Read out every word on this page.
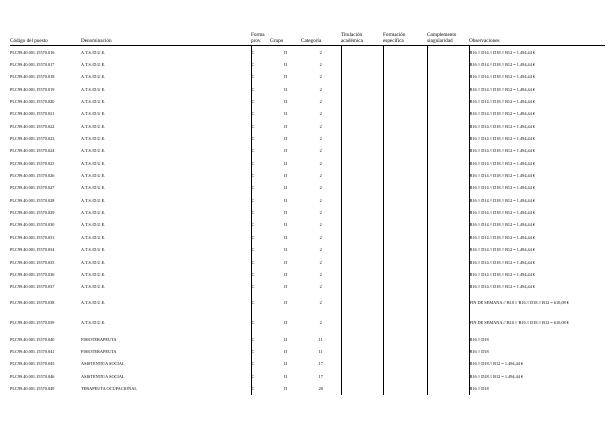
Código del puesto	Denominación	Forma prov.	Grupo	Categoría	Titulación académica	Formación específica	Complemento singularidad	Observaciones
PLC99.40.001.15570.016	A.T.S./D.U.E.	C	II	2				B16 // D14 // D18 // B12 = 1.494,44 €
PLC99.40.001.15570.017	A.T.S./D.U.E.	C	II	2				B16 // D14 // D18 // B12 = 1.494,44 €
PLC99.40.001.15570.018	A.T.S./D.U.E.	C	II	2				B16 // D14 // D18 // B12 = 1.494,44 €
PLC99.40.001.15570.019	A.T.S./D.U.E.	C	II	2				B16 // D14 // D18 // B12 = 1.494,44 €
PLC99.40.001.15570.020	A.T.S./D.U.E.	C	II	2				B16 // D14 // D18 // B12 = 1.494,44 €
PLC99.40.001.15570.021	A.T.S./D.U.E.	C	II	2				B16 // D14 // D18 // B12 = 1.494,44 €
PLC99.40.001.15570.022	A.T.S./D.U.E.	C	II	2				B16 // D14 // D18 // B12 = 1.494,44 €
PLC99.40.001.15570.023	A.T.S./D.U.E.	C	II	2				B16 // D14 // D18 // B12 = 1.494,44 €
PLC99.40.001.15570.024	A.T.S./D.U.E.	C	II	2				B16 // D14 // D18 // B12 = 1.494,44 €
PLC99.40.001.15570.025	A.T.S./D.U.E.	C	II	2				B16 // D14 // D18 // B12 = 1.494,44 €
PLC99.40.001.15570.026	A.T.S./D.U.E.	C	II	2				B16 // D14 // D18 // B12 = 1.494,44 €
PLC99.40.001.15570.027	A.T.S./D.U.E.	C	II	2				B16 // D14 // D18 // B12 = 1.494,44 €
PLC99.40.001.15570.028	A.T.S./D.U.E.	C	II	2				B16 // D14 // D18 // B12 = 1.494,44 €
PLC99.40.001.15570.029	A.T.S./D.U.E.	C	II	2				B16 // D14 // D18 // B12 = 1.494,44 €
PLC99.40.001.15570.030	A.T.S./D.U.E.	C	II	2				B16 // D14 // D18 // B12 = 1.494,44 €
PLC99.40.001.15570.031	A.T.S./D.U.E.	C	II	2				B16 // D14 // D18 // B12 = 1.494,44 €
PLC99.40.001.15570.034	A.T.S./D.U.E.	C	II	2				B16 // D14 // D18 // B12 = 1.494,44 €
PLC99.40.001.15570.035	A.T.S./D.U.E.	C	II	2				B16 // D14 // D18 // B12 = 1.494,44 €
PLC99.40.001.15570.036	A.T.S./D.U.E.	C	II	2				B16 // D14 // D18 // B12 = 1.494,44 €
PLC99.40.001.15570.037	A.T.S./D.U.E.	C	II	2				B16 // D14 // D18 // B12 = 1.494,44 €
PLC99.40.001.15570.038	A.T.S./D.U.E.	C	II	2				FIN DE SEMANA // B10 // B16 // D18 // B12 = 610,08 €
PLC99.40.001.15570.039	A.T.S./D.U.E.	C	II	2				FIN DE SEMANA // B10 // B16 // D18 // B12 = 610,08 €
PLC99.40.001.15570.040	FISIOTERAPEUTA	C	II	11				B16 // D18
PLC99.40.001.15570.041	FISIOTERAPEUTA	C	II	11				B16 // D18
PLC99.40.001.15570.045	ASISTENTE/A SOCIAL	C	II	17				B16 // D18 // B12 = 1.494,44 €
PLC99.40.001.15570.046	ASISTENTE/A SOCIAL	C	II	17				B16 // D18 // B12 = 1.494,44 €
PLC99.40.001.15570.049	TERAPEUTA OCUPACIONAL	C	II	20				B16 // D18
